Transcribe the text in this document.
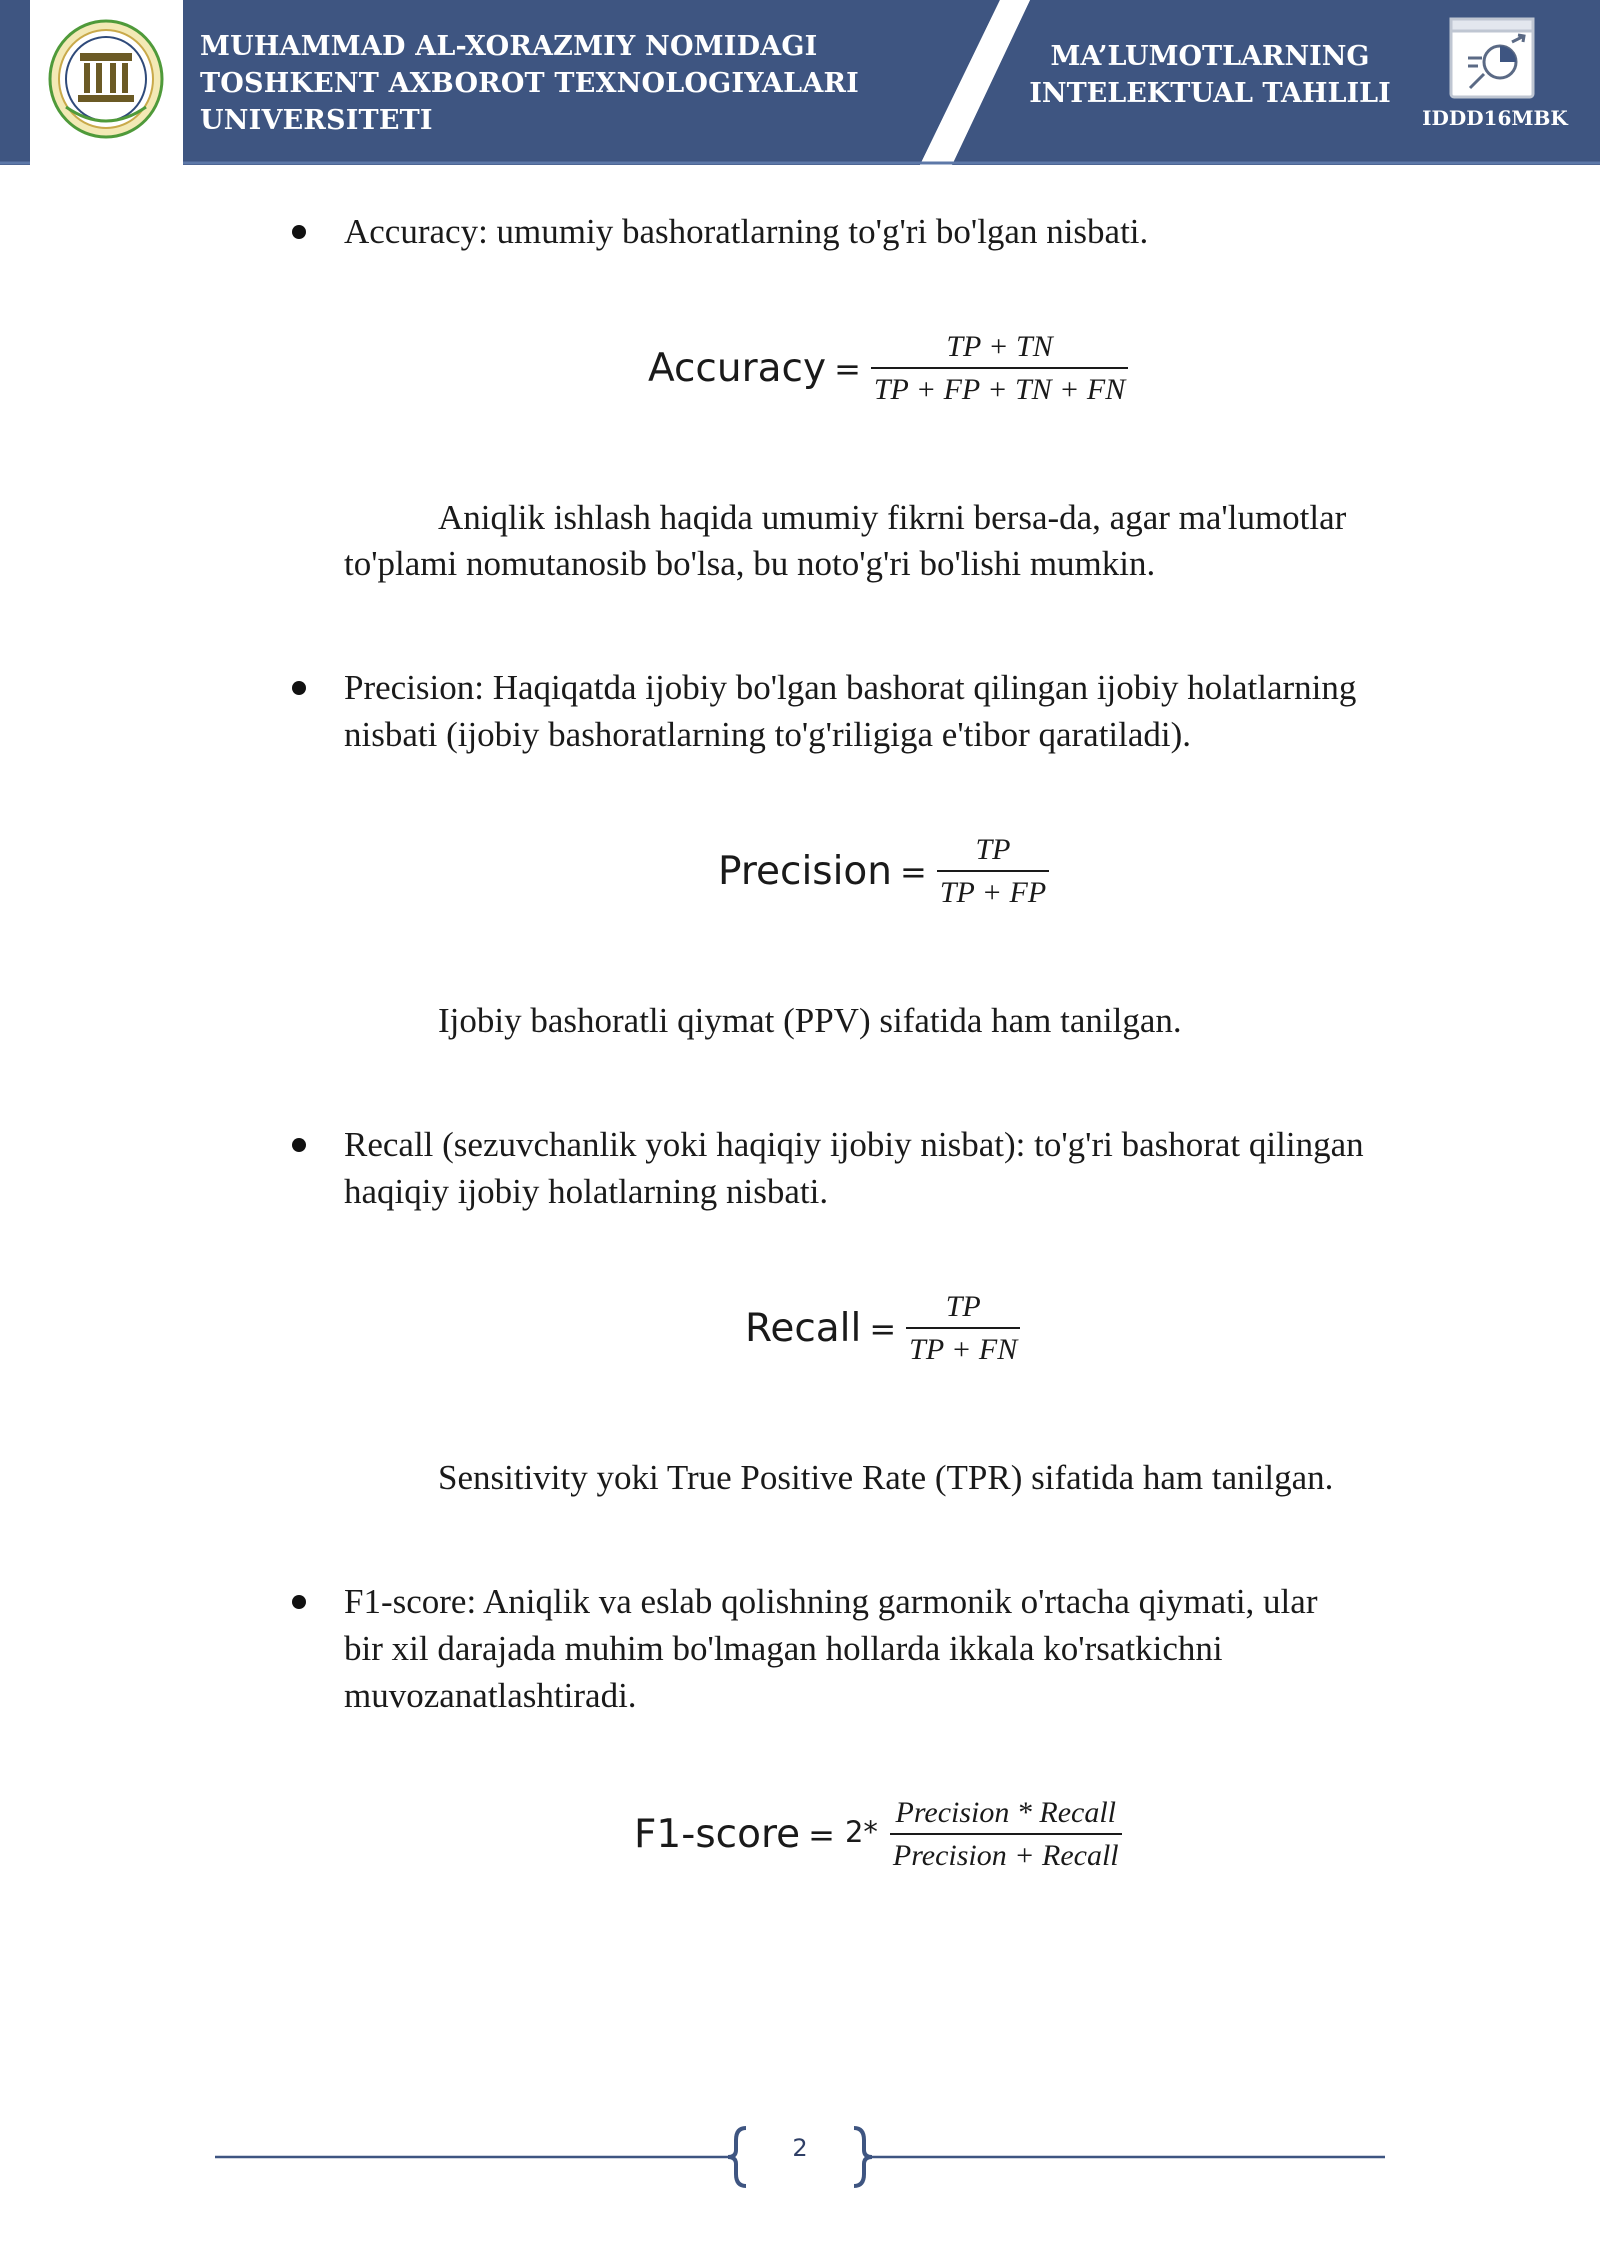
MUHAMMAD AL-XORAZMIY NOMIDAGI
TOSHKENT AXBOROT TEXNOLOGIYALARI
UNIVERSITETI
MA’LUMOTLARNING
INTELEKTUAL TAHLILI
IDDD16MBK

Accuracy: umumiy bashoratlarning to'g'ri bo'lgan nisbati.

Accuracy = $\frac{TP + TN}{TP + FP + TN + FN}$

Aniqlik ishlash haqida umumiy fikrni bersa-da, agar ma'lumotlar

to'plami nomutanosib bo'lsa, bu noto'g'ri bo'lishi mumkin.

Precision: Haqiqatda ijobiy bo'lgan bashorat qilingan ijobiy holatlarning

nisbati (ijobiy bashoratlarning to'g'riligiga e'tibor qaratiladi).

Precision = $\frac{TP}{TP + FP}$

Ijobiy bashoratli qiymat (PPV) sifatida ham tanilgan.

Recall (sezuvchanlik yoki haqiqiy ijobiy nisbat): to'g'ri bashorat qilingan

haqiqiy ijobiy holatlarning nisbati.

Recall = $\frac{TP}{TP + FN}$

Sensitivity yoki True Positive Rate (TPR) sifatida ham tanilgan.

F1-score: Aniqlik va eslab qolishning garmonik o'rtacha qiymati, ular

bir xil darajada muhim bo'lmagan hollarda ikkala ko'rsatkichni

muvozanatlashtiradi.

F1-score = $2* \frac{\text{Precision * Recall}}{\text{Precision + Recall}}$
2
